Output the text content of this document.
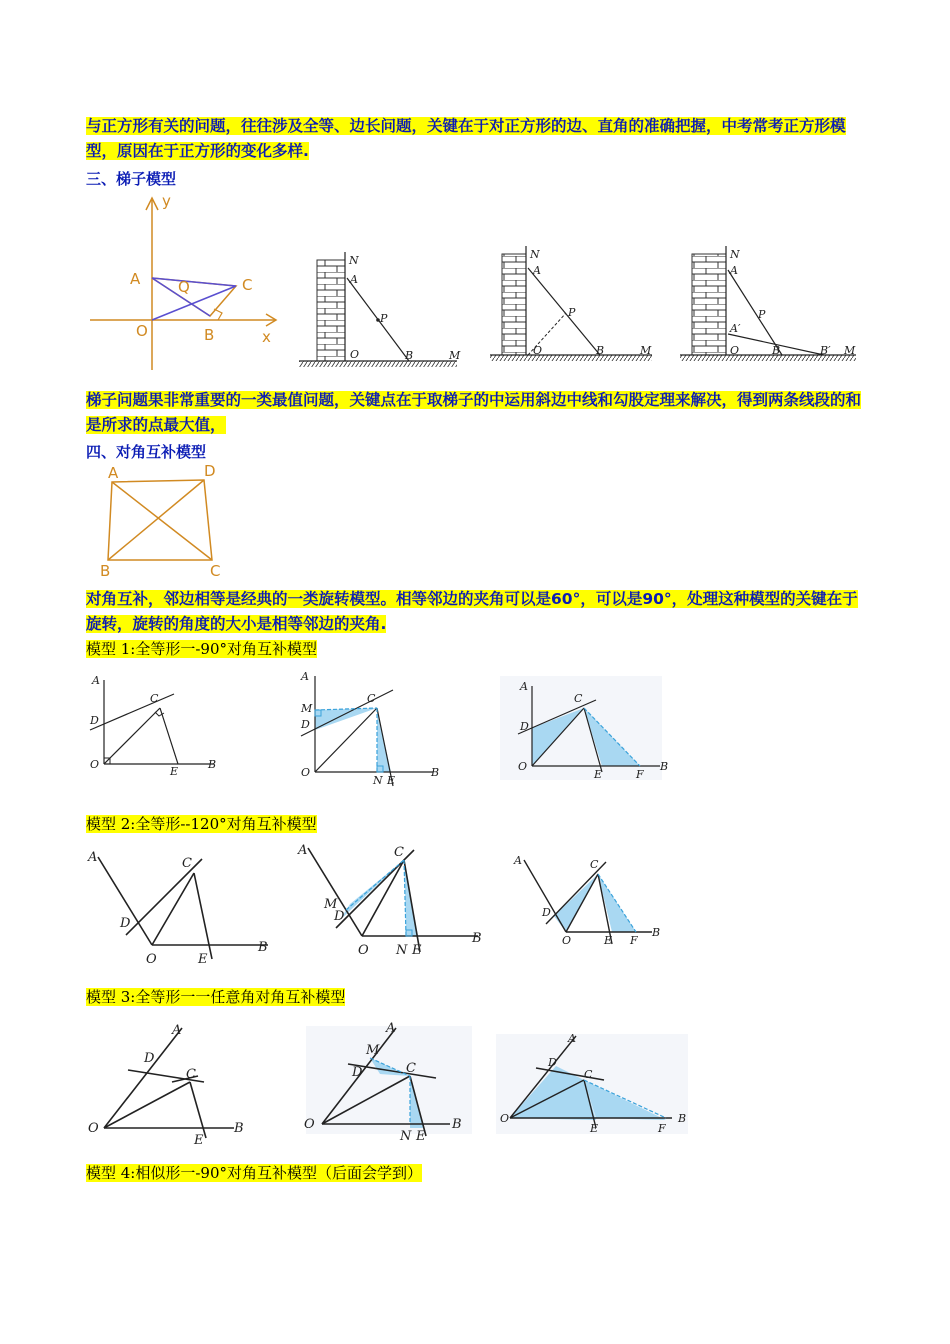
与正方形有关的问题，往往涉及全等、边长问题，关键在于对正方形的边、直角的准确把握，中考常考正方形模型，原因在于正方形的变化多样.
三、梯子模型
y
x
A	Q	C
O	B
N
A
P
O	B	M
N
A
P
O	B	M
N
A
P
A′
O	B	B′ M
梯子问题果非常重要的一类最值问题，关键点在于取梯子的中运用斜边中线和勾股定理来解决，得到两条线段的和是所求的点最大值，
四、对角互补模型
A	D
B	C
对角互补，邻边相等是经典的一类旋转模型。相等邻边的夹角可以是60°，可以是90°，处理这种模型的关键在于旋转，旋转的角度的大小是相等邻边的夹角.
模型 1:全等形一-90°对角互补模型
A
D
C
O
E
B
A
M
D
C
O
N E
B
A
D
C
O
E	F
B
模型 2:全等形--120°对角互补模型
A	C
D
O	E
B
A	C
M
D
O N E
B
A	C
D
O	E F
B
模型 3:全等形一一任意角对角互补模型
A
D
C
O
E
B
A
M
D	C
O
N E
B
A
D
C
O
E	F
B
模型 4:相似形一-90°对角互补模型（后面会学到）
